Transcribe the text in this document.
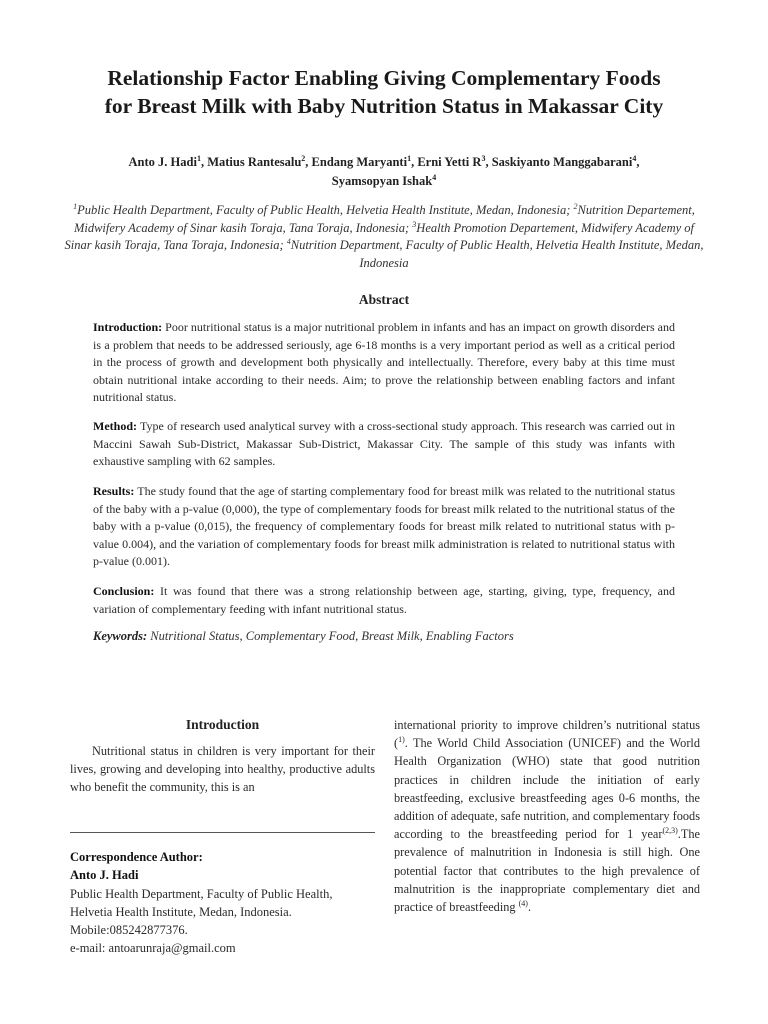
Relationship Factor Enabling Giving Complementary Foods
for Breast Milk with Baby Nutrition Status in Makassar City
Anto J. Hadi$^1$, Matius Rantesalu$^2$, Endang Maryanti$^1$, Erni Yetti $R^3$, Saskiyanto Manggabarani$^4$,
Syamsopyan Ishak$^4$
$^1$Public Health Department, Faculty of Public Health, Helvetia Health Institute, Medan, Indonesia; $^2$Nutrition Departement, Midwifery Academy of Sinar kasih Toraja, Tana Toraja, Indonesia; $^3$Health Promotion Departement, Midwifery Academy of Sinar kasih Toraja, Tana Toraja, Indonesia; $^4$Nutrition Department, Faculty of Public Health, Helvetia Health Institute, Medan, Indonesia
Abstract
Introduction: Poor nutritional status is a major nutritional problem in infants and has an impact on growth disorders and is a problem that needs to be addressed seriously, age 6-18 months is a very important period as well as a critical period in the process of growth and development both physically and intellectually. Therefore, every baby at this time must obtain nutritional intake according to their needs. Aim; to prove the relationship between enabling factors and infant nutritional status.
Method: Type of research used analytical survey with a cross-sectional study approach. This research was carried out in Maccini Sawah Sub-District, Makassar Sub-District, Makassar City. The sample of this study was infants with exhaustive sampling with 62 samples.
Results: The study found that the age of starting complementary food for breast milk was related to the nutritional status of the baby with a p-value (0,000), the type of complementary foods for breast milk related to the nutritional status of the baby with a p-value (0,015), the frequency of complementary foods for breast milk related to nutritional status with p-value 0.004), and the variation of complementary foods for breast milk administration is related to nutritional status with p-value (0.001).
Conclusion: It was found that there was a strong relationship between age, starting, giving, type, frequency, and variation of complementary feeding with infant nutritional status.
Keywords: Nutritional Status, Complementary Food, Breast Milk, Enabling Factors
Introduction
Nutritional status in children is very important for their lives, growing and developing into healthy, productive adults who benefit the community, this is an
Correspondence Author:
Anto J. Hadi
Public Health Department, Faculty of Public Health,
Helvetia Health Institute, Medan, Indonesia.
Mobile:085242877376.
e-mail: antoarunraja@gmail.com
international priority to improve children’s nutritional status ($^{1)}$. The World Child Association (UNICEF) and the World Health Organization (WHO) state that good nutrition practices in children include the initiation of early breastfeeding, exclusive breastfeeding ages 0-6 months, the addition of adequate, safe nutrition, and complementary foods according to the breastfeeding period for 1 year$^{(2,3)}$.The prevalence of malnutrition in Indonesia is still high. One potential factor that contributes to the high prevalence of malnutrition is the inappropriate complementary diet and practice of breastfeeding $^{(4)}$.
